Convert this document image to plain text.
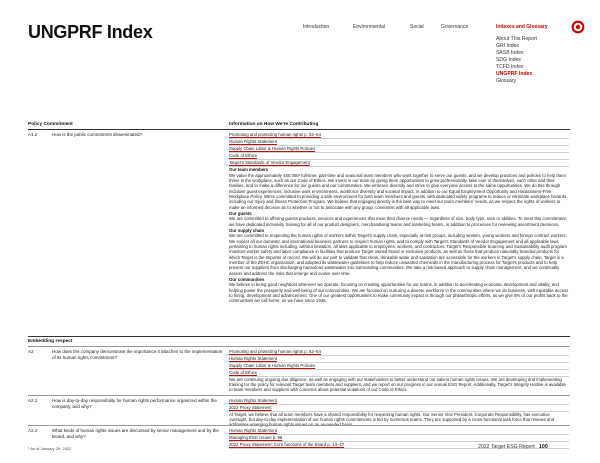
UNGPRF Index	Introduction	Environmental	Social	Governance	Indexes and Glossary
About This Report
GRI Index
SASB Index
SDG Index
TCFD Index
UNGPRF Index
Glossary
Policy Commitment	Information on How We're Contributing
A1.2	How is the public commitment disseminated?	Promoting and protecting human rights p. 62–64
Human Rights Statement
Supply Chain Labor & Human Rights Policies
Code of Ethics
Target's Standards of Vendor Engagement
Our team members
We value the approximately 450,000¹ full-time, part-time and seasonal team members who work together to serve our guests, and we develop practices and policies to help them thrive in the workplace, such as our Code of Ethics. We invest in our team by giving them opportunities to grow professionally, take care of themselves, each other and their families, and to make a difference for our guests and our communities. We embrace diversity and strive to give everyone access to the same opportunities. We do this through inclusive guest experiences, inclusive work environments, workforce diversity and societal impact, in addition to our Equal Employment Opportunity and Harassment-Free Workplace Policy. We're committed to providing a safe environment for both team members and guests, with dedicated safety programs to reduce or eliminate workplace hazards, including our Injury and Illness Protection Program. We believe that engaging directly is the best way to meet our team members' needs, as we respect the rights of workers to make an informed decision as to whether or not to associate with any group, consistent with all applicable laws.
Our guests
We are committed to offering guests products, services and experiences that meet their diverse needs — regardless of size, body type, race or abilities. To meet this commitment, we have dedicated inclusivity training for all of our product designers, merchandising teams and marketing teams, in addition to processes for reviewing assortment decisions.
Our supply chain
We are committed to respecting the human rights of workers within Target's supply chain, especially at-risk groups, including women, young workers and foreign contract workers. We expect all our domestic and international business partners to respect human rights, and to comply with Target's Standards of Vendor Engagement and all applicable laws pertaining to human rights including, without limitation, all laws applicable to employees, workers, and contractors. Target's Responsible Sourcing and Sustainability audit program monitors worker safety and labor compliance in facilities that produce Target owned brand or exclusive products, as well as those that produce nationally branded products for which Target is the importer of record. We will do our part to validate that clean, drinkable water and sanitation are accessible for the workers in Target's supply chain. Target is a member of the ZDHC organization, and adopted its wastewater guidelines to help reduce unwanted chemicals in the manufacturing process for Target's products and to help prevent our suppliers from discharging hazardous wastewater into surrounding communities. We take a risk-based approach to supply chain management, and we continually assess and address the risks that emerge and evolve over time.
Our communities
We believe in being good neighbors wherever we operate, focusing on creating opportunities for our teams, in addition to accelerating economic development and vitality, and helping power the prosperity and well-being of our communities. We are focused on nurturing a diverse workforce in the communities where we do business, with equitable access to hiring, development and advancement. One of our greatest opportunities to make community impact is through our philanthropic efforts, as we give 5% of our profits back to the communities we call home, as we have since 1946.
Embedding respect
A2	How does the company demonstrate the importance it attaches to the implementation of its human rights commitment?
Promoting and protecting human rights p. 62–64
Human Rights Statement
Supply Chain Labor & Human Rights Policies
Code of Ethics
We are continuing ongoing due diligence, as well as engaging with our stakeholders to better understand our salient human rights issues. We are developing and implementing training for the policy for relevant Target team members and suppliers, and we report on our progress in our annual ESG Report. Additionally, Target's Integrity Hotline is available to team members and suppliers with concerns about potential violations of our Code of Ethics.
A2.1	How is day-to-day responsibility for human rights performance organized within the company, and why?
Human Rights Statement
2022 Proxy Statement
At Target, we believe that all team members have a shared responsibility for respecting human rights. Our Senior Vice President, Corporate Responsibility, has executive oversight, but day-to-day implementation of our human rights commitments is led by numerous teams. They are supported by a cross-functional task force that reviews and addresses emerging human rights issues on an as-needed basis.
A2.2	What kinds of human rights issues are discussed by senior management and by the Board, and why?
Human Rights Statement
Managing ESG issues p. 96
2022 Proxy Statement: Core functions of the Board p. 13–17
¹ As of January 29, 2022	2022 Target ESG Report 100
